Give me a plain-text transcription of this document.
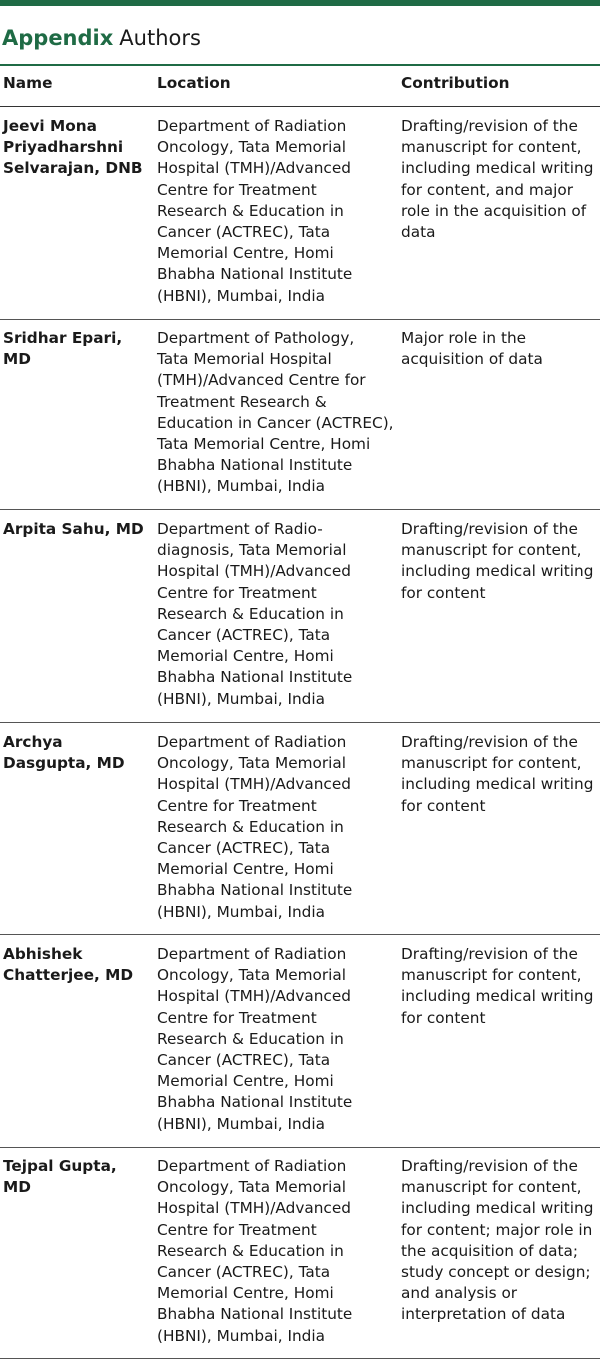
Appendix Authors
Name	Location	Contribution
Jeevi Mona
Priyadharshni
Selvarajan, DNB
Department of Radiation
Oncology, Tata Memorial
Hospital (TMH)/Advanced
Centre for Treatment
Research & Education in
Cancer (ACTREC), Tata
Memorial Centre, Homi
Bhabha National Institute
(HBNI), Mumbai, India
Drafting/revision of the
manuscript for content,
including medical writing
for content, and major
role in the acquisition of
data
Sridhar Epari,
MD
Department of Pathology,
Tata Memorial Hospital
(TMH)/Advanced Centre for
Treatment Research &
Education in Cancer (ACTREC),
Tata Memorial Centre, Homi
Bhabha National Institute
(HBNI), Mumbai, India
Major role in the
acquisition of data
Arpita Sahu, MD Department of Radio-
diagnosis, Tata Memorial
Hospital (TMH)/Advanced
Centre for Treatment
Research & Education in
Cancer (ACTREC), Tata
Memorial Centre, Homi
Bhabha National Institute
(HBNI), Mumbai, India
Drafting/revision of the
manuscript for content,
including medical writing
for content
Archya
Dasgupta, MD
Department of Radiation
Oncology, Tata Memorial
Hospital (TMH)/Advanced
Centre for Treatment
Research & Education in
Cancer (ACTREC), Tata
Memorial Centre, Homi
Bhabha National Institute
(HBNI), Mumbai, India
Drafting/revision of the
manuscript for content,
including medical writing
for content
Abhishek
Chatterjee, MD
Department of Radiation
Oncology, Tata Memorial
Hospital (TMH)/Advanced
Centre for Treatment
Research & Education in
Cancer (ACTREC), Tata
Memorial Centre, Homi
Bhabha National Institute
(HBNI), Mumbai, India
Drafting/revision of the
manuscript for content,
including medical writing
for content
Tejpal Gupta,
MD
Department of Radiation
Oncology, Tata Memorial
Hospital (TMH)/Advanced
Centre for Treatment
Research & Education in
Cancer (ACTREC), Tata
Memorial Centre, Homi
Bhabha National Institute
(HBNI), Mumbai, India
Drafting/revision of the
manuscript for content,
including medical writing
for content; major role in
the acquisition of data;
study concept or design;
and analysis or
interpretation of data
